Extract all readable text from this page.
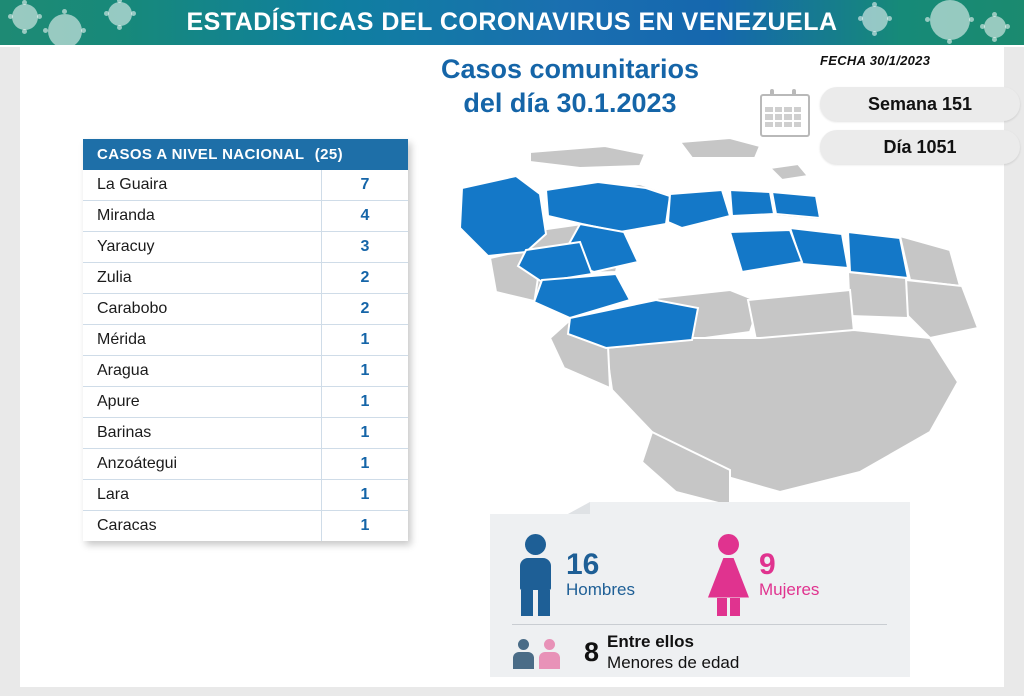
ESTADÍSTICAS DEL CORONAVIRUS EN VENEZUELA
Casos comunitarios
del día 30.1.2023
FECHA 30/1/2023
Semana 151
Día 1051
CASOS A NIVEL NACIONAL (25)
La Guaira	7
Miranda	4
Yaracuy	3
Zulia	2
Carabobo	2
Mérida	1
Aragua	1
Apure	1
Barinas	1
Anzoátegui	1
Lara	1
Caracas	1
16
Hombres
9
Mujeres
8 Entre ellos
Menores de edad
